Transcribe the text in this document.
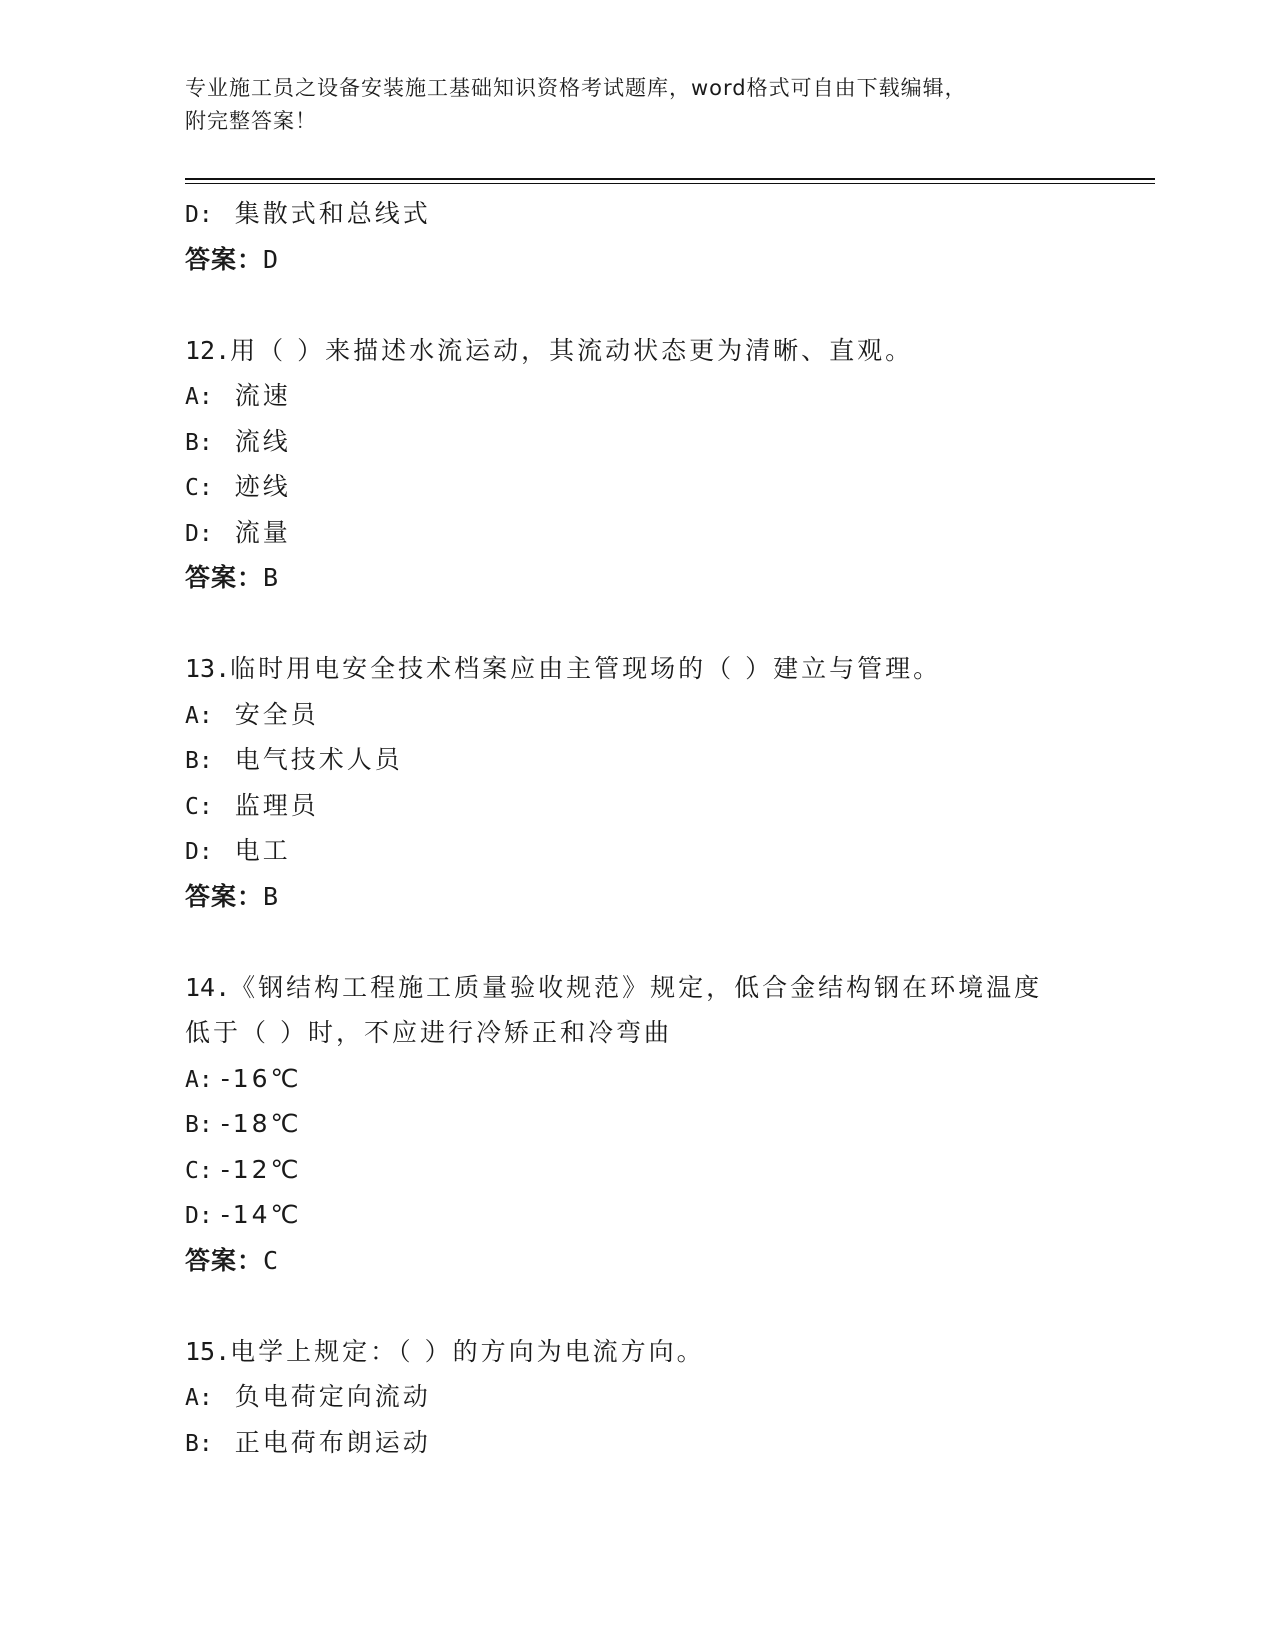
专业施工员之设备安装施工基础知识资格考试题库，word格式可自由下载编辑，
附完整答案！
D: 集散式和总线式
答案：D
12.用（ ）来描述水流运动，其流动状态更为清晰、直观。
A: 流速
B: 流线
C: 迹线
D: 流量
答案：B
13.临时用电安全技术档案应由主管现场的（ ）建立与管理。
A: 安全员
B: 电气技术人员
C: 监理员
D: 电工
答案：B
14.《钢结构工程施工质量验收规范》规定，低合金结构钢在环境温度
低于（ ）时，不应进行冷矫正和冷弯曲
A: -16℃
B: -18℃
C: -12℃
D: -14℃
答案：C
15.电学上规定：（ ）的方向为电流方向。
A: 负电荷定向流动
B: 正电荷布朗运动
